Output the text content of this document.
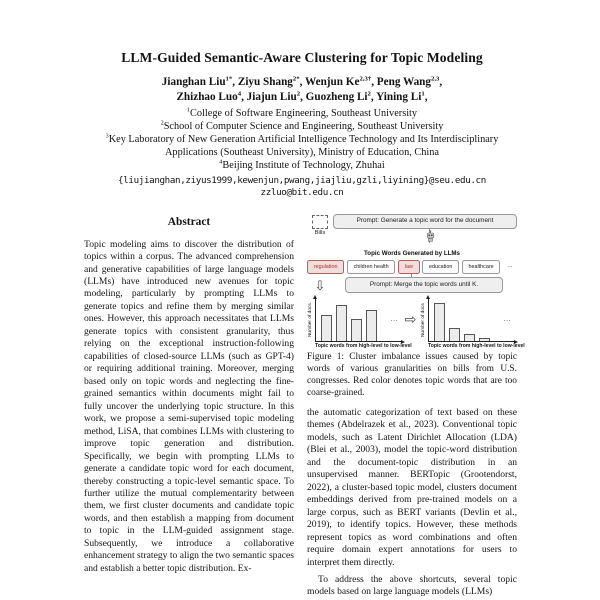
LLM-Guided Semantic-Aware Clustering for Topic Modeling
Jianghan Liu$^{1*}$, Ziyu Shang$^{2*}$, Wenjun $Ke^{2,3\dagger}$, Peng Wang$^{2,3}$,
Zhizhao Luo$^4$, Jiajun Liu$^2$, Guozheng Li$^2$, Yining Li$^1$,
$^1$College of Software Engineering, Southeast University
$^2$School of Computer Science and Engineering, Southeast University
$^3$Key Laboratory of New Generation Artificial Intelligence Technology and Its Interdisciplinary Applications (Southeast University), Ministry of Education, China
$^4$Beijing Institute of Technology, Zhuhai
{liujianghan,ziyus1999,kewenjun,pwang,jiajliu,gzli,liyining}@seu.edu.cn
zzluo@bit.edu.cn
Abstract
Topic modeling aims to discover the distribution of topics within a corpus. The advanced comprehension and generative capabilities of large language models (LLMs) have introduced new avenues for topic modeling, particularly by prompting LLMs to generate topics and refine them by merging similar ones. However, this approach necessitates that LLMs generate topics with consistent granularity, thus relying on the exceptional instruction-following capabilities of closed-source LLMs (such as GPT-4) or requiring additional training. Moreover, merging based only on topic words and neglecting the fine-grained semantics within documents might fail to fully uncover the underlying topic structure. In this work, we propose a semi-supervised topic modeling method, LiSA, that combines LLMs with clustering to improve topic generation and distribution. Specifically, we begin with prompting LLMs to generate a candidate topic word for each document, thereby constructing a topic-level semantic space. To further utilize the mutual complementarity between them, we first cluster documents and candidate topic words, and then establish a mapping from document to topic in the LLM-guided assignment stage. Subsequently, we introduce a collaborative enhancement strategy to align the two semantic spaces and establish a better topic distribution. Ex-
Bills
Prompt: Generate a topic word for the document
Topic Words Generated by LLMs
regulation	children health	law	education	healthcare	...
⇩	Prompt: Merge the topic words until K.
Number of docs	...
Topic words from high-level to low-level
⇨ Number of docs	...
Topic words from high-level to low-level
Figure 1: Cluster imbalance issues caused by topic words of various granularities on bills from U.S. congresses. Red color denotes topic words that are too coarse-grained.
the automatic categorization of text based on these themes (Abdelrazek et al., 2023). Conventional topic models, such as Latent Dirichlet Allocation (LDA) (Blei et al., 2003), model the topic-word distribution and the document-topic distribution in an unsupervised manner. BERTopic (Grootendorst, 2022), a cluster-based topic model, clusters document embeddings derived from pre-trained models on a large corpus, such as BERT variants (Devlin et al., 2019), to identify topics. However, these methods represent topics as word combinations and often require domain expert annotations for users to interpret them directly.
To address the above shortcuts, several topic models based on large language models (LLMs)
